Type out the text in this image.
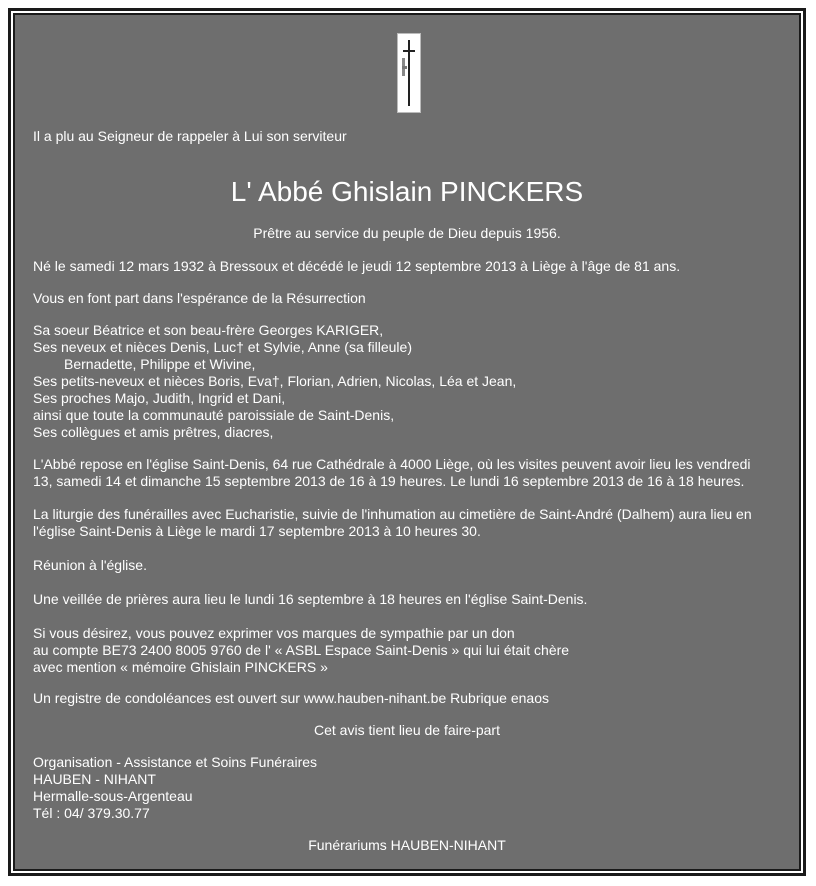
Il a plu au Seigneur de rappeler à Lui son serviteur
L' Abbé Ghislain PINCKERS
Prêtre au service du peuple de Dieu depuis 1956.
Né le samedi 12 mars 1932 à Bressoux et décédé le jeudi 12 septembre 2013 à Liège à l'âge de 81 ans.
Vous en font part dans l'espérance de la Résurrection
Sa soeur Béatrice et son beau-frère Georges KARIGER,
Ses neveux et nièces Denis, Luc† et Sylvie, Anne (sa filleule)
Bernadette, Philippe et Wivine,
Ses petits-neveux et nièces Boris, Eva†, Florian, Adrien, Nicolas, Léa et Jean,
Ses proches Majo, Judith, Ingrid et Dani,
ainsi que toute la communauté paroissiale de Saint-Denis,
Ses collègues et amis prêtres, diacres,
L'Abbé repose en l'église Saint-Denis, 64 rue Cathédrale à 4000 Liège, où les visites peuvent avoir lieu les vendredi
13, samedi 14 et dimanche 15 septembre 2013 de 16 à 19 heures. Le lundi 16 septembre 2013 de 16 à 18 heures.
La liturgie des funérailles avec Eucharistie, suivie de l'inhumation au cimetière de Saint-André (Dalhem) aura lieu en
l'église Saint-Denis à Liège le mardi 17 septembre 2013 à 10 heures 30.
Réunion à l'église.
Une veillée de prières aura lieu le lundi 16 septembre à 18 heures en l'église Saint-Denis.
Si vous désirez, vous pouvez exprimer vos marques de sympathie par un don
au compte BE73 2400 8005 9760 de l' « ASBL Espace Saint-Denis » qui lui était chère
avec mention « mémoire Ghislain PINCKERS »
Un registre de condoléances est ouvert sur www.hauben-nihant.be Rubrique enaos
Cet avis tient lieu de faire-part
Organisation - Assistance et Soins Funéraires
HAUBEN - NIHANT
Hermalle-sous-Argenteau
Tél : 04/ 379.30.77
Funérariums HAUBEN-NIHANT
